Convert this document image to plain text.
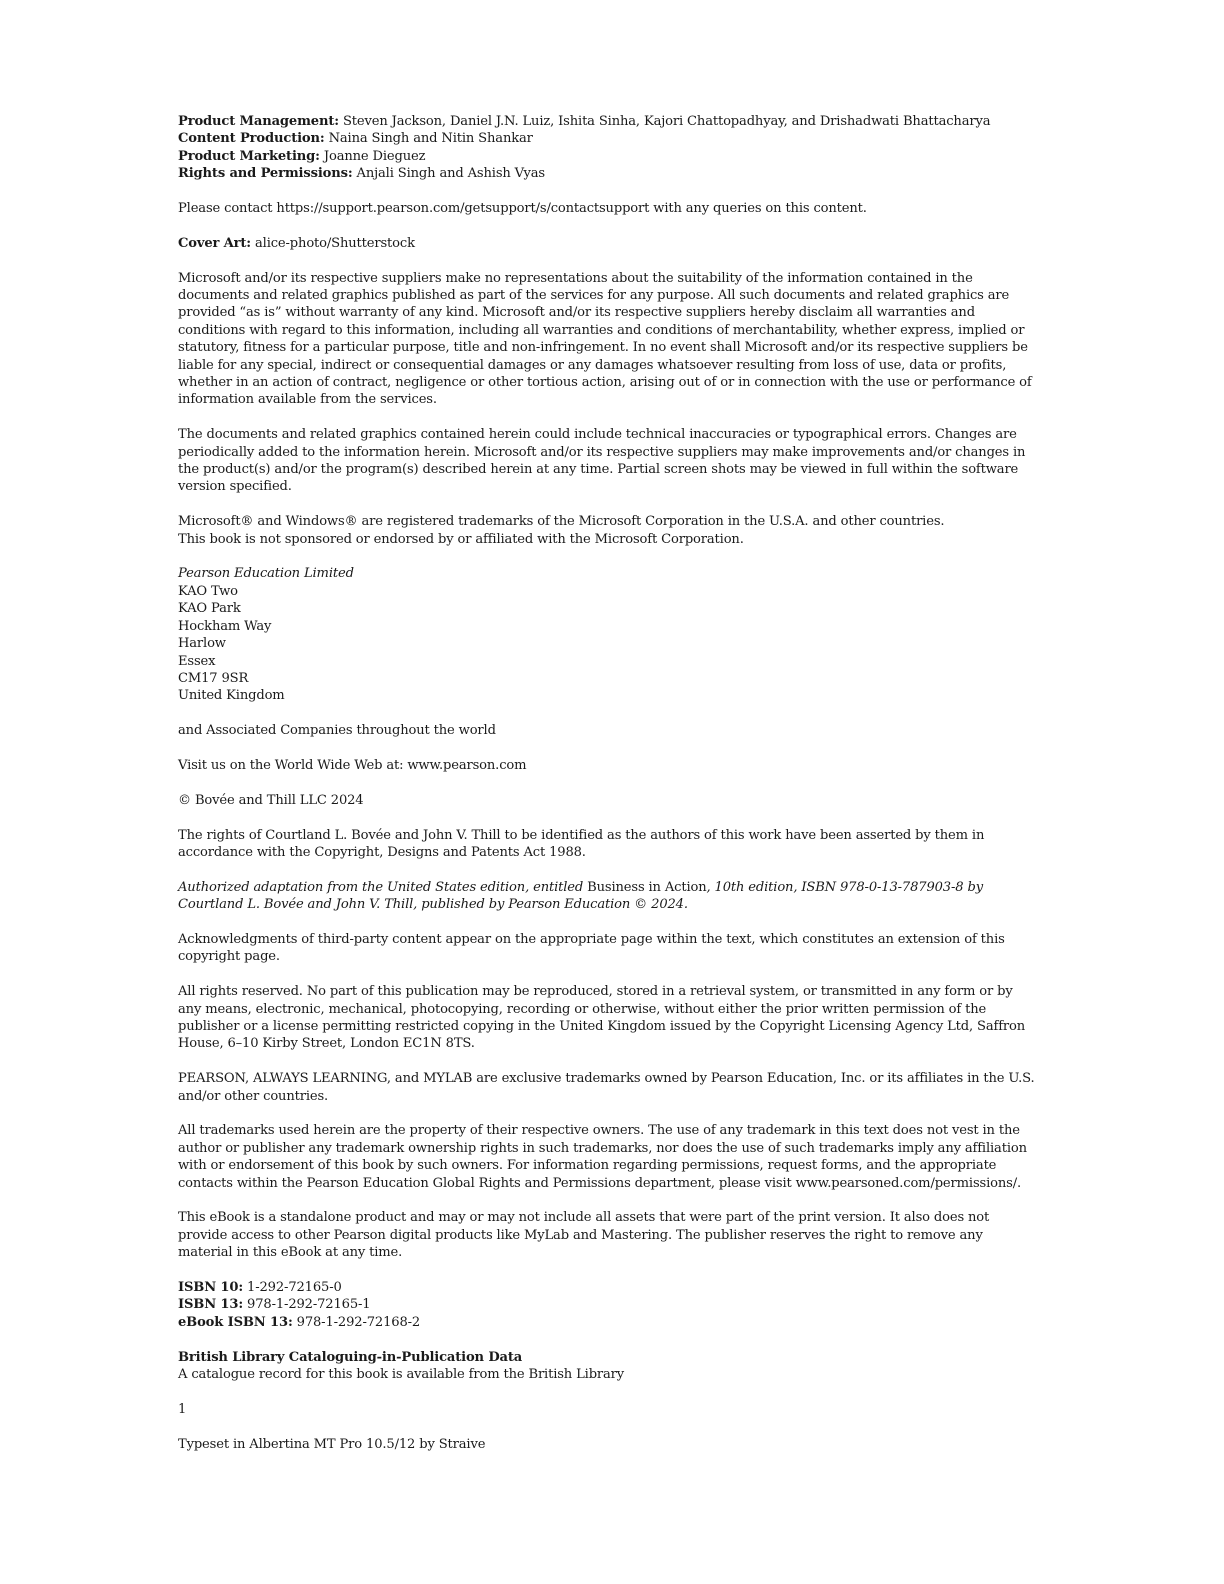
Product Management: Steven Jackson, Daniel J.N. Luiz, Ishita Sinha, Kajori Chattopadhyay, and Drishadwati Bhattacharya
Content Production: Naina Singh and Nitin Shankar
Product Marketing: Joanne Dieguez
Rights and Permissions: Anjali Singh and Ashish Vyas

Please contact https://support.pearson.com/getsupport/s/contactsupport with any queries on this content.

Cover Art: alice-photo/Shutterstock

Microsoft and/or its respective suppliers make no representations about the suitability of the information contained in the documents and related graphics published as part of the services for any purpose. All such documents and related graphics are provided “as is” without warranty of any kind. Microsoft and/or its respective suppliers hereby disclaim all warranties and conditions with regard to this information, including all warranties and conditions of merchantability, whether express, implied or statutory, fitness for a particular purpose, title and non-infringement. In no event shall Microsoft and/or its respective suppliers be liable for any special, indirect or consequential damages or any damages whatsoever resulting from loss of use, data or profits, whether in an action of contract, negligence or other tortious action, arising out of or in connection with the use or performance of information available from the services.

The documents and related graphics contained herein could include technical inaccuracies or typographical errors. Changes are periodically added to the information herein. Microsoft and/or its respective suppliers may make improvements and/or changes in the product(s) and/or the program(s) described herein at any time. Partial screen shots may be viewed in full within the software version specified.

Microsoft® and Windows® are registered trademarks of the Microsoft Corporation in the U.S.A. and other countries.
This book is not sponsored or endorsed by or affiliated with the Microsoft Corporation.

Pearson Education Limited
KAO Two
KAO Park
Hockham Way
Harlow
Essex
CM17 9SR
United Kingdom

and Associated Companies throughout the world

Visit us on the World Wide Web at: www.pearson.com

© Bovée and Thill LLC 2024

The rights of Courtland L. Bovée and John V. Thill to be identified as the authors of this work have been asserted by them in accordance with the Copyright, Designs and Patents Act 1988.

Authorized adaptation from the United States edition, entitled Business in Action, 10th edition, ISBN 978-0-13-787903-8 by Courtland L. Bovée and John V. Thill, published by Pearson Education © 2024.

Acknowledgments of third-party content appear on the appropriate page within the text, which constitutes an extension of this copyright page.

All rights reserved. No part of this publication may be reproduced, stored in a retrieval system, or transmitted in any form or by any means, electronic, mechanical, photocopying, recording or otherwise, without either the prior written permission of the publisher or a license permitting restricted copying in the United Kingdom issued by the Copyright Licensing Agency Ltd, Saffron House, 6–10 Kirby Street, London EC1N 8TS.

PEARSON, ALWAYS LEARNING, and MYLAB are exclusive trademarks owned by Pearson Education, Inc. or its affiliates in the U.S. and/or other countries.

All trademarks used herein are the property of their respective owners. The use of any trademark in this text does not vest in the author or publisher any trademark ownership rights in such trademarks, nor does the use of such trademarks imply any affiliation with or endorsement of this book by such owners. For information regarding permissions, request forms, and the appropriate contacts within the Pearson Education Global Rights and Permissions department, please visit www.pearsoned.com/permissions/.

This eBook is a standalone product and may or may not include all assets that were part of the print version. It also does not provide access to other Pearson digital products like MyLab and Mastering. The publisher reserves the right to remove any material in this eBook at any time.

ISBN 10: 1-292-72165-0
ISBN 13: 978-1-292-72165-1
eBook ISBN 13: 978-1-292-72168-2
British Library Cataloguing-in-Publication Data
A catalogue record for this book is available from the British Library

1

Typeset in Albertina MT Pro 10.5/12 by Straive
